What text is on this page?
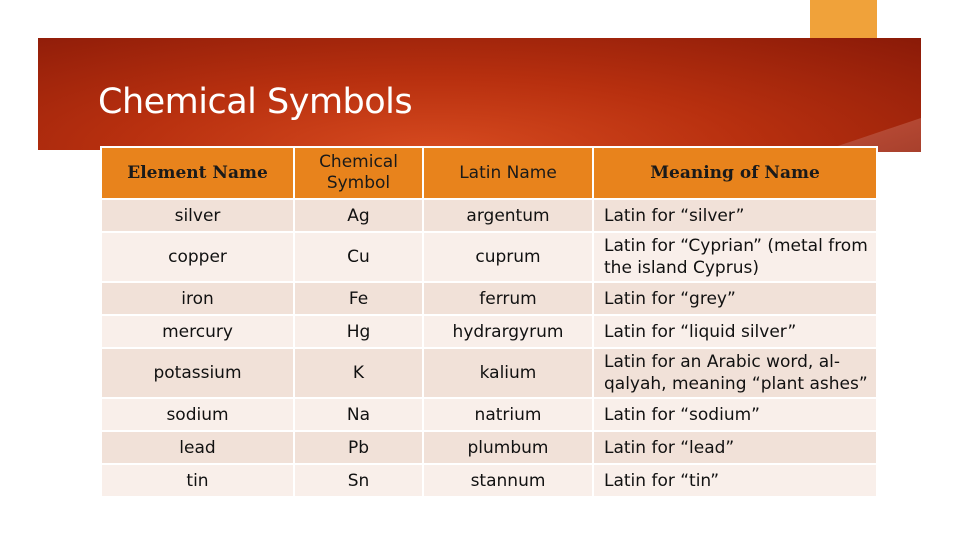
Chemical Symbols
Element Name	Chemical Symbol	Latin Name	Meaning of Name
silver	Ag	argentum	Latin for “silver”
copper	Cu	cuprum	Latin for “Cyprian” (metal from the island Cyprus)
iron	Fe	ferrum	Latin for “grey”
mercury	Hg	hydrargyrum	Latin for “liquid silver”
potassium	K	kalium	Latin for an Arabic word, al-qalyah, meaning “plant ashes”
sodium	Na	natrium	Latin for “sodium”
lead	Pb	plumbum	Latin for “lead”
tin	Sn	stannum	Latin for “tin”
